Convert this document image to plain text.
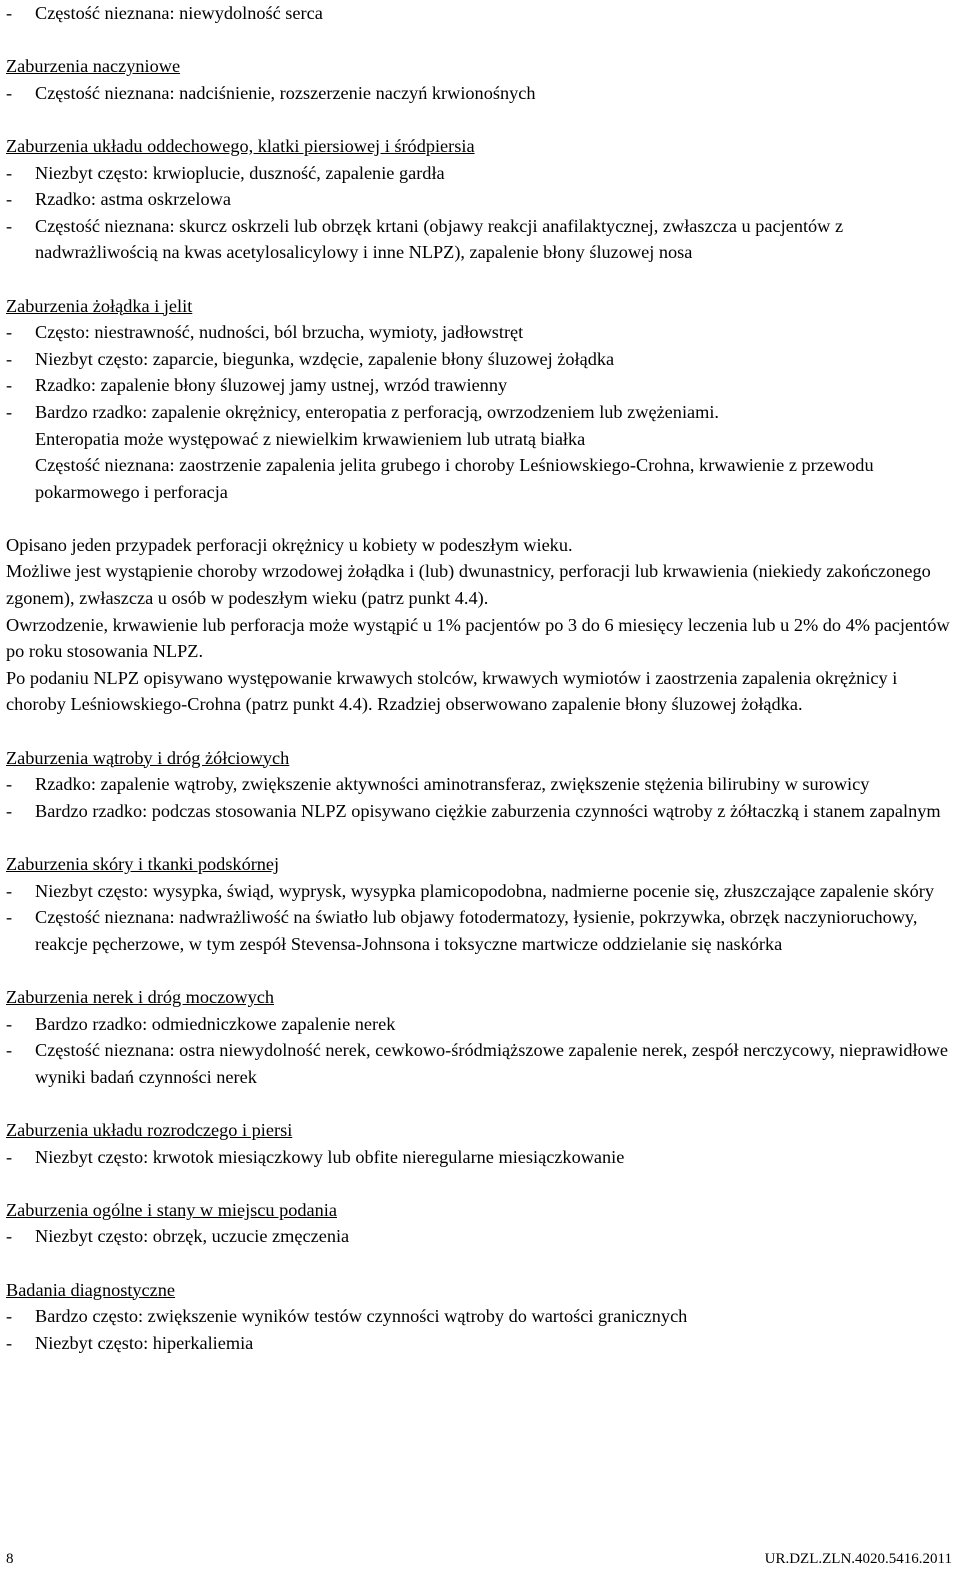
-	Częstość nieznana: niewydolność serca
Zaburzenia naczyniowe
-	Częstość nieznana: nadciśnienie, rozszerzenie naczyń krwionośnych
Zaburzenia układu oddechowego, klatki piersiowej i śródpiersia
-	Niezbyt często: krwioplucie, duszność, zapalenie gardła
-	Rzadko: astma oskrzelowa
-	Częstość nieznana: skurcz oskrzeli lub obrzęk krtani (objawy reakcji anafilaktycznej, zwłaszcza u pacjentów z nadwrażliwością na kwas acetylosalicylowy i inne NLPZ), zapalenie błony śluzowej nosa
Zaburzenia żołądka i jelit
-	Często: niestrawność, nudności, ból brzucha, wymioty, jadłowstręt
-	Niezbyt często: zaparcie, biegunka, wzdęcie, zapalenie błony śluzowej żołądka
-	Rzadko: zapalenie błony śluzowej jamy ustnej, wrzód trawienny
-	Bardzo rzadko: zapalenie okrężnicy, enteropatia z perforacją, owrzodzeniem lub zwężeniami.
Enteropatia może występować z niewielkim krwawieniem lub utratą białka
Częstość nieznana: zaostrzenie zapalenia jelita grubego i choroby Leśniowskiego-Crohna, krwawienie z przewodu pokarmowego i perforacja

Opisano jeden przypadek perforacji okrężnicy u kobiety w podeszłym wieku.

Możliwe jest wystąpienie choroby wrzodowej żołądka i (lub) dwunastnicy, perforacji lub krwawienia (niekiedy zakończonego zgonem), zwłaszcza u osób w podeszłym wieku (patrz punkt 4.4).

Owrzodzenie, krwawienie lub perforacja może wystąpić u 1% pacjentów po 3 do 6 miesięcy leczenia lub u 2% do 4% pacjentów po roku stosowania NLPZ.

Po podaniu NLPZ opisywano występowanie krwawych stolców, krwawych wymiotów i zaostrzenia zapalenia okrężnicy i choroby Leśniowskiego-Crohna (patrz punkt 4.4). Rzadziej obserwowano zapalenie błony śluzowej żołądka.

Zaburzenia wątroby i dróg żółciowych
-	Rzadko: zapalenie wątroby, zwiększenie aktywności aminotransferaz, zwiększenie stężenia bilirubiny w surowicy
-	Bardzo rzadko: podczas stosowania NLPZ opisywano ciężkie zaburzenia czynności wątroby z żółtaczką i stanem zapalnym
Zaburzenia skóry i tkanki podskórnej
-	Niezbyt często: wysypka, świąd, wyprysk, wysypka plamicopodobna, nadmierne pocenie się, złuszczające zapalenie skóry
-	Częstość nieznana: nadwrażliwość na światło lub objawy fotodermatozy, łysienie, pokrzywka, obrzęk naczynioruchowy, reakcje pęcherzowe, w tym zespół Stevensa-Johnsona i toksyczne martwicze oddzielanie się naskórka
Zaburzenia nerek i dróg moczowych
-	Bardzo rzadko: odmiedniczkowe zapalenie nerek
-	Częstość nieznana: ostra niewydolność nerek, cewkowo-śródmiąższowe zapalenie nerek, zespół nerczycowy, nieprawidłowe wyniki badań czynności nerek
Zaburzenia układu rozrodczego i piersi
-	Niezbyt często: krwotok miesiączkowy lub obfite nieregularne miesiączkowanie
Zaburzenia ogólne i stany w miejscu podania
-	Niezbyt często: obrzęk, uczucie zmęczenia
Badania diagnostyczne
-	Bardzo często: zwiększenie wyników testów czynności wątroby do wartości granicznych
-	Niezbyt często: hiperkaliemia
8	UR.DZL.ZLN.4020.5416.2011
